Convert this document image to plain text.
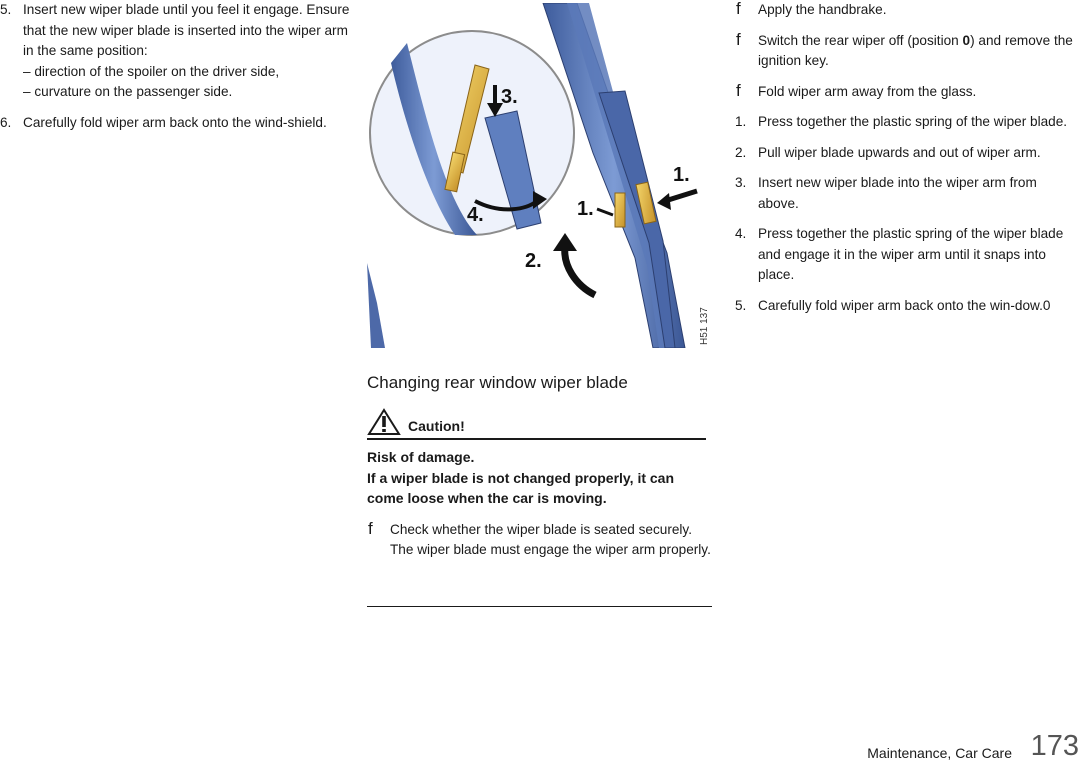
5. Insert new wiper blade until you feel it engage. Ensure that the new wiper blade is inserted into the wiper arm in the same position:
– direction of the spoiler on the driver side,
– curvature on the passenger side.
6. Carefully fold wiper arm back onto the wind-shield.
1.
1.
2.
3.
4.
H51 137
Changing rear window wiper blade
Caution!
Risk of damage.
If a wiper blade is not changed properly, it can come loose when the car is moving.
f Check whether the wiper blade is seated securely.
The wiper blade must engage the wiper arm properly.
f Apply the handbrake.
f Switch the rear wiper off (position 0) and remove the ignition key.
f Fold wiper arm away from the glass.
1. Press together the plastic spring of the wiper blade.
2. Pull wiper blade upwards and out of wiper arm.
3. Insert new wiper blade into the wiper arm from above.
4. Press together the plastic spring of the wiper blade and engage it in the wiper arm until it snaps into place.
5. Carefully fold wiper arm back onto the win-dow.0
Maintenance, Car Care 173
